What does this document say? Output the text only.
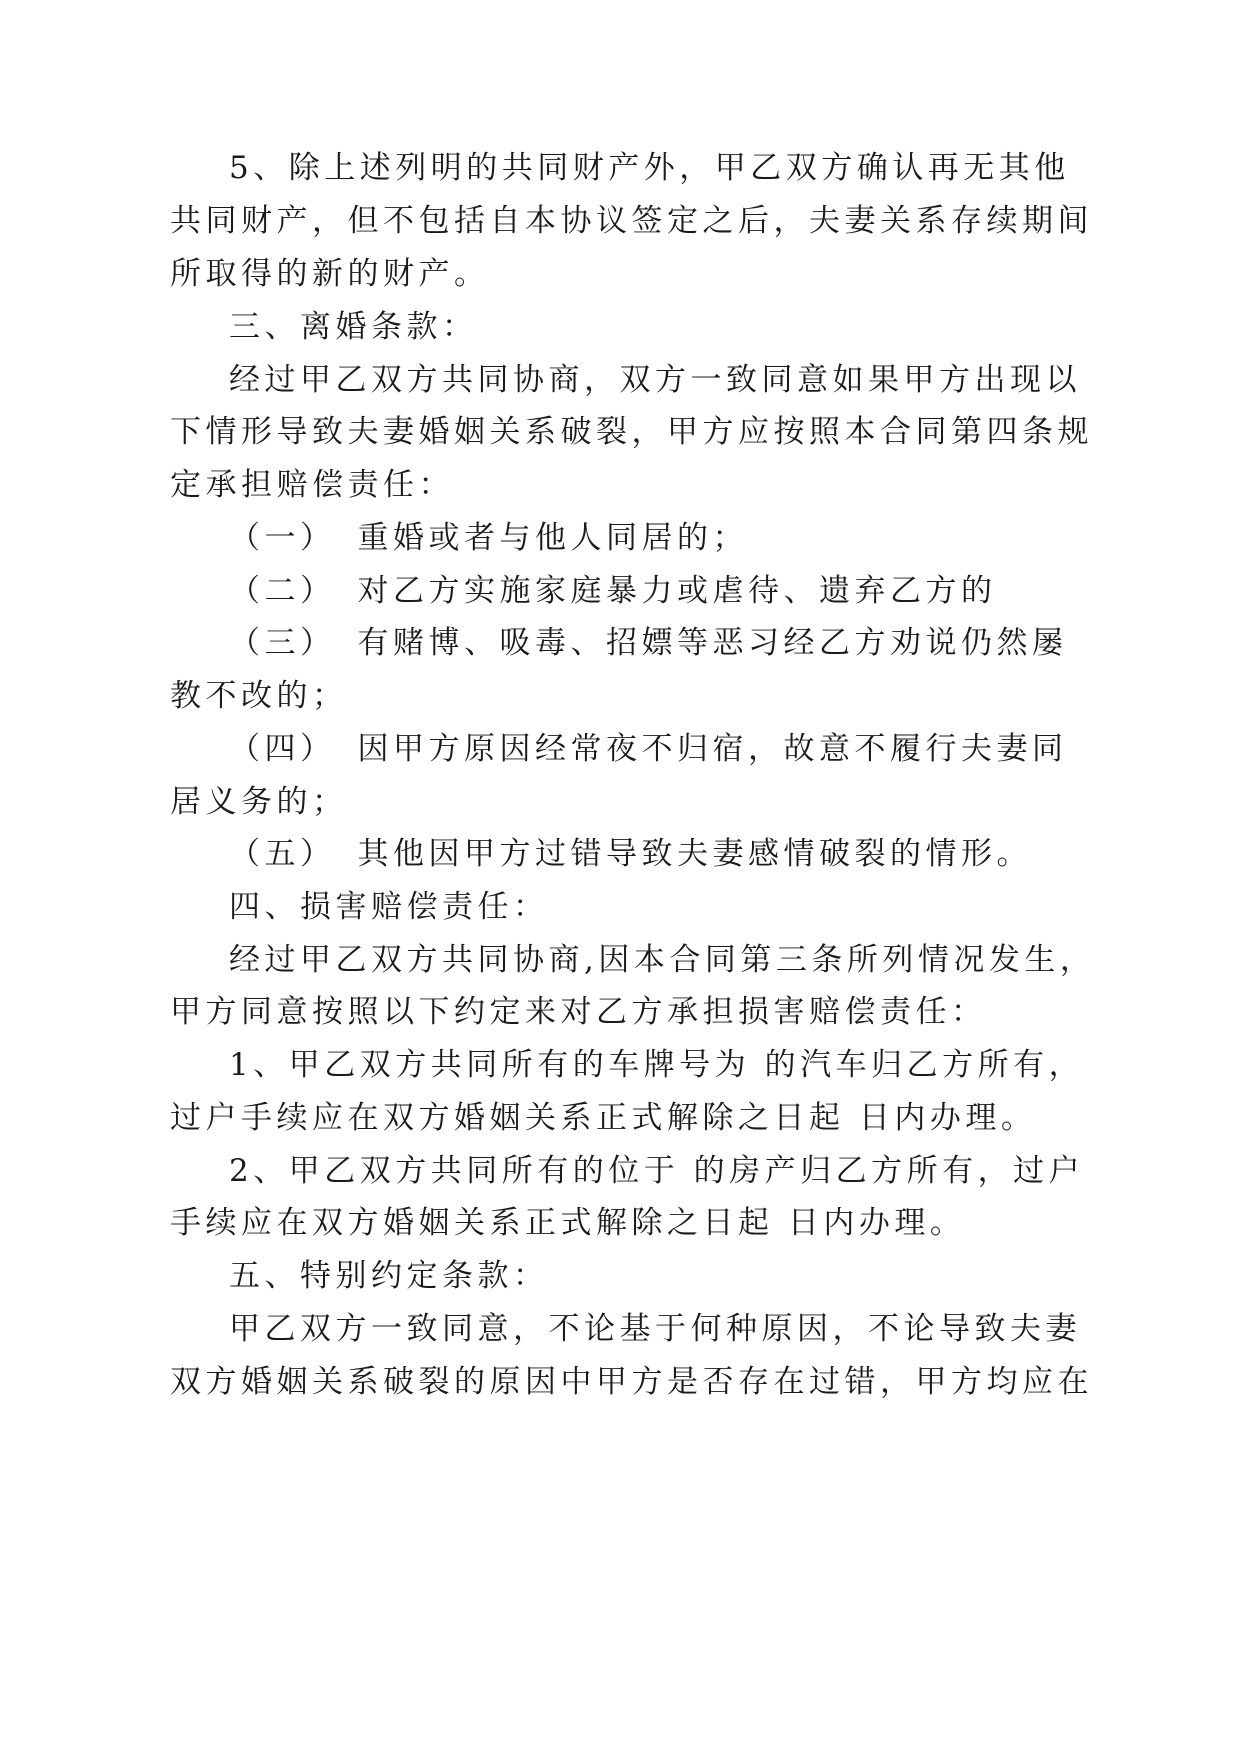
5、除上述列明的共同财产外，甲乙双方确认再无其他
共同财产，但不包括自本协议签定之后，夫妻关系存续期间
所取得的新的财产。
三、离婚条款：
经过甲乙双方共同协商，双方一致同意如果甲方出现以
下情形导致夫妻婚姻关系破裂，甲方应按照本合同第四条规
定承担赔偿责任：
（一） 重婚或者与他人同居的；
（二） 对乙方实施家庭暴力或虐待、遗弃乙方的
（三） 有赌博、吸毒、招嫖等恶习经乙方劝说仍然屡
教不改的；
（四） 因甲方原因经常夜不归宿，故意不履行夫妻同
居义务的；
（五） 其他因甲方过错导致夫妻感情破裂的情形。
四、损害赔偿责任：
经过甲乙双方共同协商,因本合同第三条所列情况发生，
甲方同意按照以下约定来对乙方承担损害赔偿责任：
1、甲乙双方共同所有的车牌号为 的汽车归乙方所有，
过户手续应在双方婚姻关系正式解除之日起 日内办理。
2、甲乙双方共同所有的位于 的房产归乙方所有，过户
手续应在双方婚姻关系正式解除之日起 日内办理。
五、特别约定条款：
甲乙双方一致同意，不论基于何种原因，不论导致夫妻
双方婚姻关系破裂的原因中甲方是否存在过错，甲方均应在
